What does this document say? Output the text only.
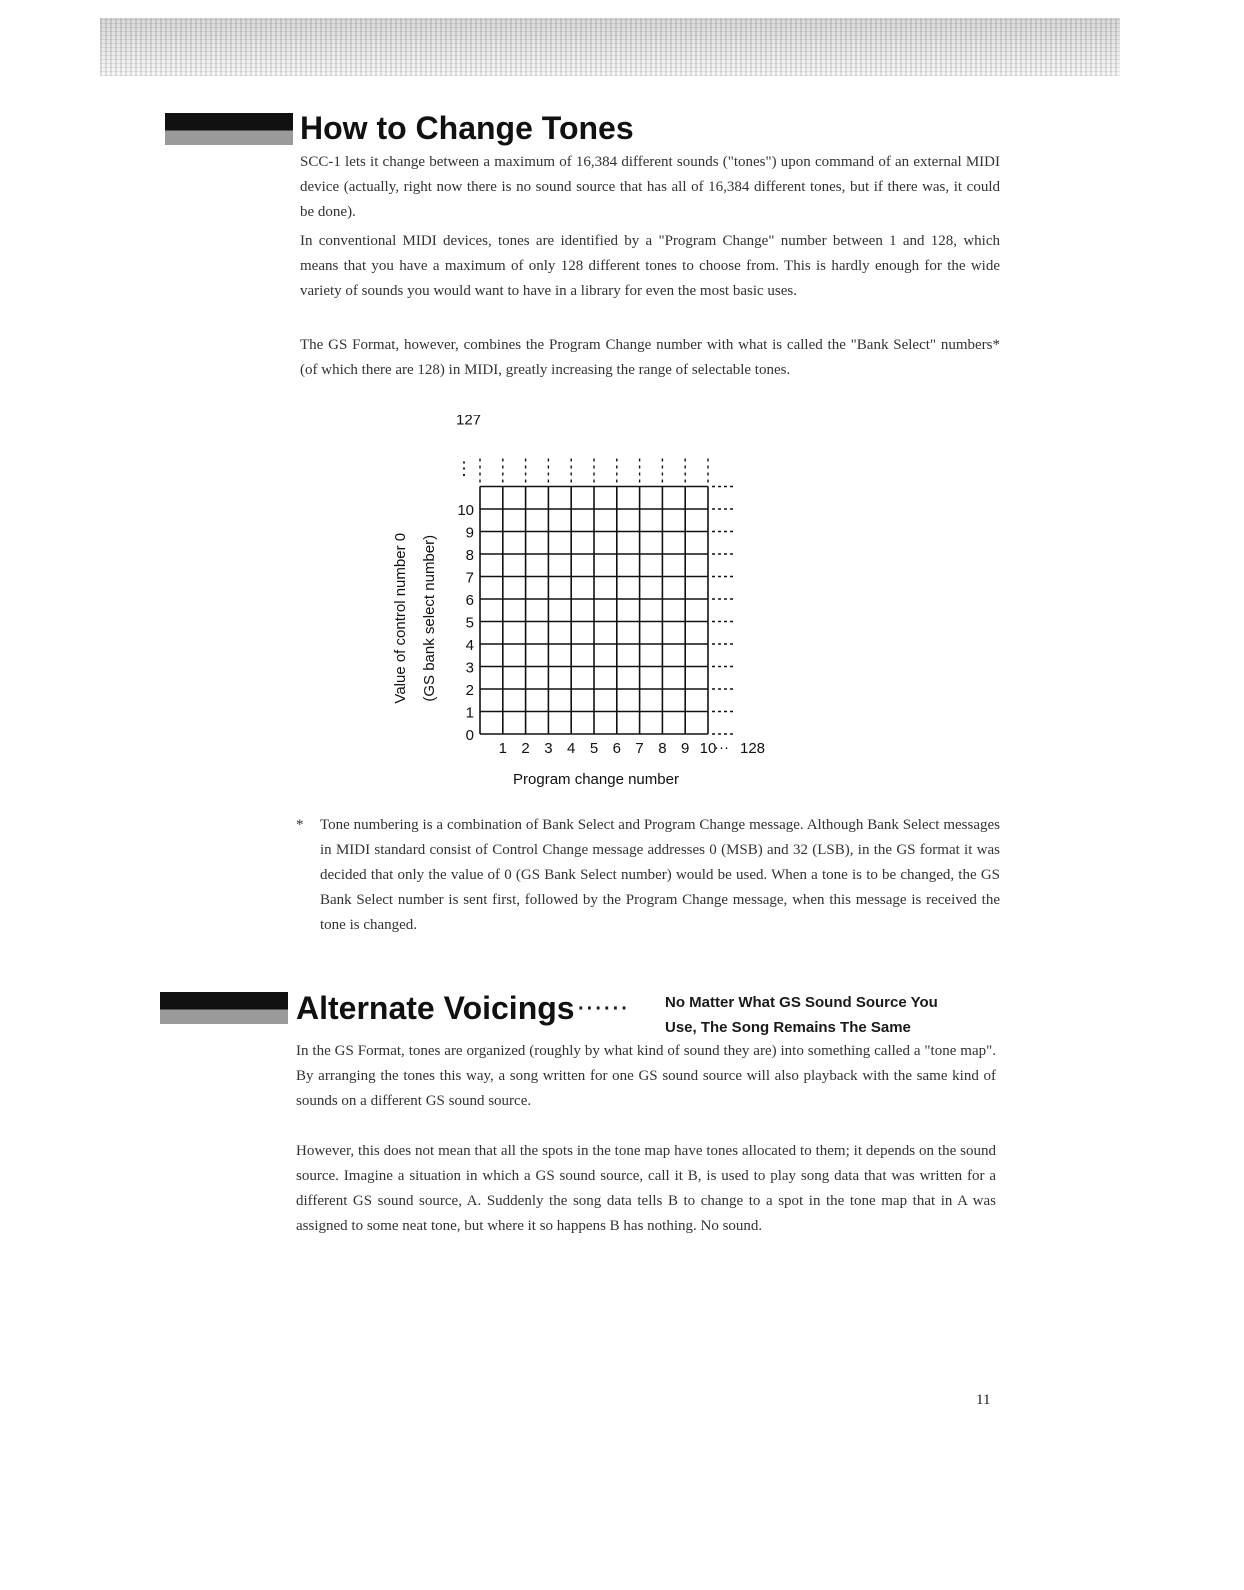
How to Change Tones

SCC-1 lets it change between a maximum of 16,384 different sounds ("tones") upon command of an external MIDI device (actually, right now there is no sound source that has all of 16,384 different tones, but if there was, it could be done).

In conventional MIDI devices, tones are identified by a "Program Change" number between 1 and 128, which means that you have a maximum of only 128 different tones to choose from. This is hardly enough for the wide variety of sounds you would want to have in a library for even the most basic uses.

The GS Format, however, combines the Program Change number with what is called the "Bank Select" numbers* (of which there are 128) in MIDI, greatly increasing the range of selectable tones.

0
1
2
3
4
5
6
7
8
9
10
⋮
127
1 2 3 4 5 6 7 8 9 10
··· 128
Program change number
Value of control number 0 (GS bank select number)
* Tone numbering is a combination of Bank Select and Program Change message. Although Bank Select messages in MIDI standard consist of Control Change message addresses 0 (MSB) and 32 (LSB), in the GS format it was decided that only the value of 0 (GS Bank Select number) would be used. When a tone is to be changed, the GS Bank Select number is sent first, followed by the Program Change message, when this message is received the tone is changed.

Alternate Voicings ······ No Matter What GS Sound Source You
Use, The Song Remains The Same

In the GS Format, tones are organized (roughly by what kind of sound they are) into something called a "tone map". By arranging the tones this way, a song written for one GS sound source will also playback with the same kind of sounds on a different GS sound source.

However, this does not mean that all the spots in the tone map have tones allocated to them; it depends on the sound source. Imagine a situation in which a GS sound source, call it B, is used to play song data that was written for a different GS sound source, A. Suddenly the song data tells B to change to a spot in the tone map that in A was assigned to some neat tone, but where it so happens B has nothing. No sound.

11
